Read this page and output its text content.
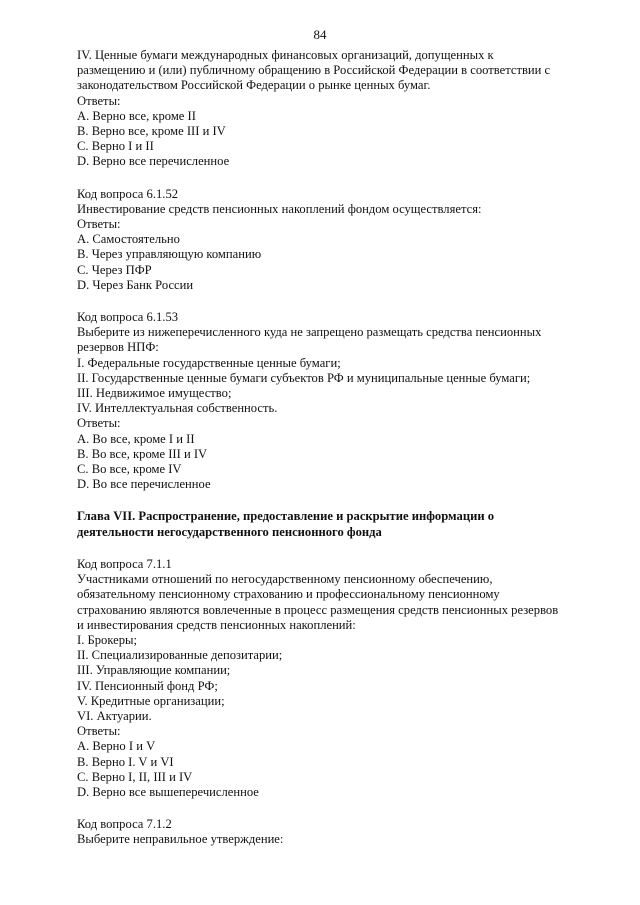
84
IV. Ценные бумаги международных финансовых организаций, допущенных к
размещению и (или) публичному обращению в Российской Федерации в соответствии с
законодательством Российской Федерации о рынке ценных бумаг.
Ответы:
A. Верно все, кроме II
B. Верно все, кроме III и IV
C. Верно I и II
D. Верно все перечисленное
Код вопроса 6.1.52
Инвестирование средств пенсионных накоплений фондом осуществляется:
Ответы:
A. Самостоятельно
B. Через управляющую компанию
C. Через ПФР
D. Через Банк России
Код вопроса 6.1.53
Выберите из нижеперечисленного куда не запрещено размещать средства пенсионных
резервов НПФ:
I. Федеральные государственные ценные бумаги;
II. Государственные ценные бумаги субъектов РФ и муниципальные ценные бумаги;
III. Недвижимое имущество;
IV. Интеллектуальная собственность.
Ответы:
A. Во все, кроме I и II
B. Во все, кроме III и IV
C. Во все, кроме IV
D. Во все перечисленное
Глава VII. Распространение, предоставление и раскрытие информации о
деятельности негосударственного пенсионного фонда
Код вопроса 7.1.1
Участниками отношений по негосударственному пенсионному обеспечению,
обязательному пенсионному страхованию и профессиональному пенсионному
страхованию являются вовлеченные в процесс размещения средств пенсионных резервов
и инвестирования средств пенсионных накоплений:
I. Брокеры;
II. Специализированные депозитарии;
III. Управляющие компании;
IV. Пенсионный фонд РФ;
V. Кредитные организации;
VI. Актуарии.
Ответы:
A. Верно I и V
B. Верно I. V и VI
C. Верно I, II, III и IV
D. Верно все вышеперечисленное
Код вопроса 7.1.2
Выберите неправильное утверждение:
